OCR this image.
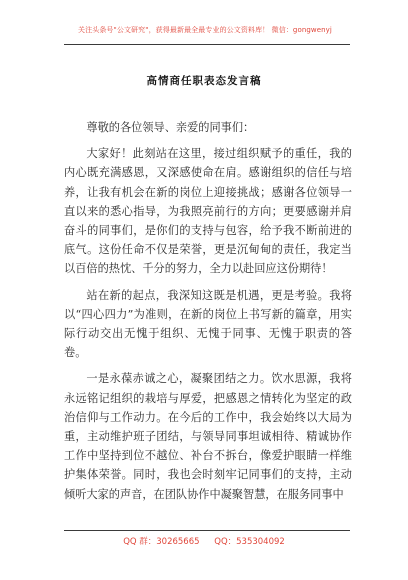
关注头条号"公文研究"，获得最新最全最专业的公文资料库！ 微信：gongwenyj
高情商任职表态发言稿

尊敬的各位领导、亲爱的同事们：

大家好！此刻站在这里，接过组织赋予的重任，我的内心既充满感恩，又深感使命在肩。感谢组织的信任与培养，让我有机会在新的岗位上迎接挑战；感谢各位领导一直以来的悉心指导，为我照亮前行的方向；更要感谢并肩奋斗的同事们，是你们的支持与包容，给予我不断前进的底气。这份任命不仅是荣誉，更是沉甸甸的责任，我定当以百倍的热忱、千分的努力，全力以赴回应这份期待！

站在新的起点，我深知这既是机遇，更是考验。我将以“四心四力”为准则，在新的岗位上书写新的篇章，用实际行动交出无愧于组织、无愧于同事、无愧于职责的答卷。

一是永葆赤诚之心，凝聚团结之力。饮水思源，我将永远铭记组织的栽培与厚爱，把感恩之情转化为坚定的政治信仰与工作动力。在今后的工作中，我会始终以大局为重，主动维护班子团结，与领导同事坦诚相待、精诚协作工作中坚持到位不越位、补台不拆台，像爱护眼睛一样维护集体荣誉。同时，我也会时刻牢记同事们的支持，主动倾听大家的声音，在团队协作中凝聚智慧，在服务同事中

QQ 群：30265665 QQ：535304092
